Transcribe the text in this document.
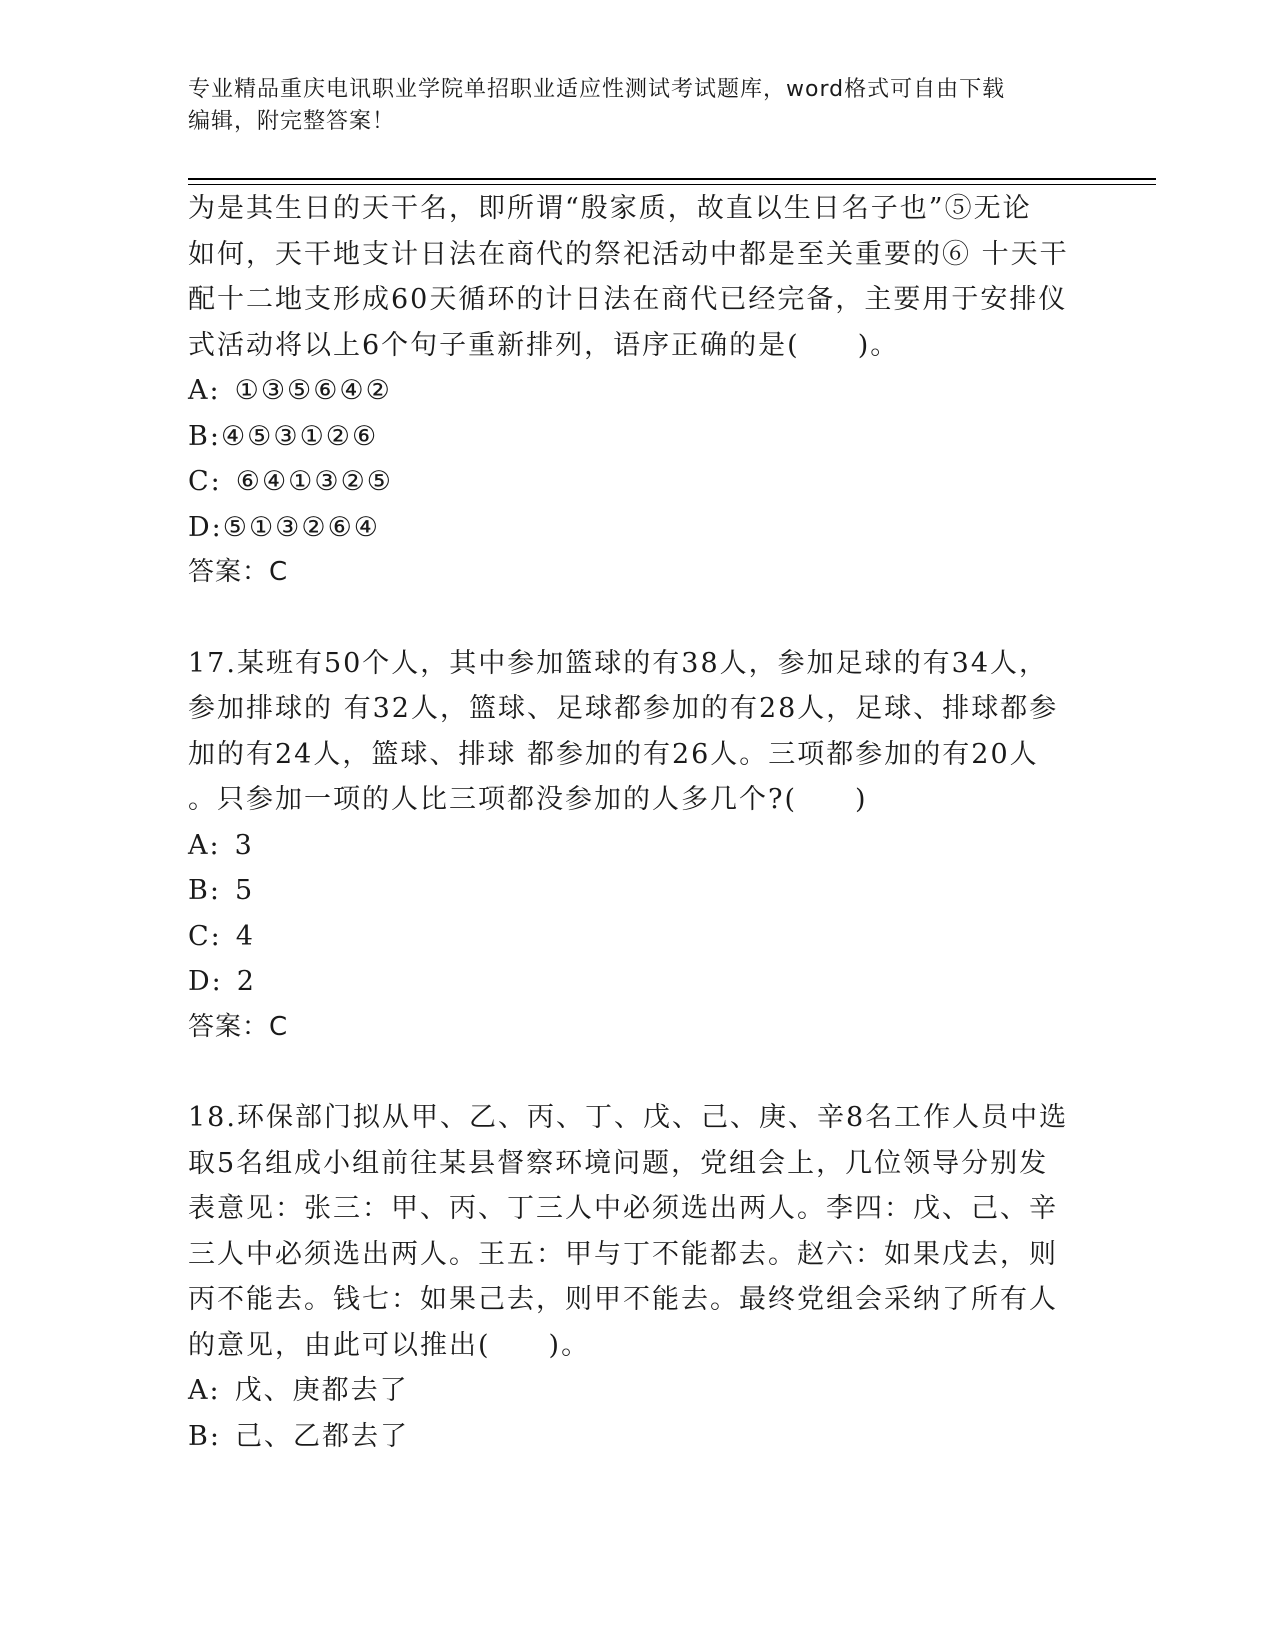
专业精品重庆电讯职业学院单招职业适应性测试考试题库，word格式可自由下载
编辑，附完整答案！
为是其生日的天干名，即所谓“殷家质，故直以生日名子也”⑤无论
如何，天干地支计日法在商代的祭祀活动中都是至关重要的⑥ 十天干
配十二地支形成60天循环的计日法在商代已经完备，主要用于安排仪
式活动将以上6个句子重新排列，语序正确的是(　　)。
A: ①③⑤⑥④②
B: ④⑤③①②⑥
C: ⑥④①③②⑤
D: ⑤①③②⑥④
答案：C
17.某班有50个人，其中参加篮球的有38人，参加足球的有34人，
参加排球的 有32人，篮球、足球都参加的有28人，足球、排球都参
加的有24人，篮球、排球 都参加的有26人。三项都参加的有20人
。只参加一项的人比三项都没参加的人多几个?(　　)
A: 3
B: 5
C: 4
D: 2
答案：C
18.环保部门拟从甲、乙、丙、丁、戊、己、庚、辛8名工作人员中选
取5名组成小组前往某县督察环境问题，党组会上，几位领导分别发
表意见：张三：甲、丙、丁三人中必须选出两人。李四：戊、己、辛
三人中必须选出两人。王五：甲与丁不能都去。赵六：如果戊去，则
丙不能去。钱七：如果己去，则甲不能去。最终党组会采纳了所有人
的意见，由此可以推出(　　)。
A: 戊、庚都去了
B: 己、乙都去了
